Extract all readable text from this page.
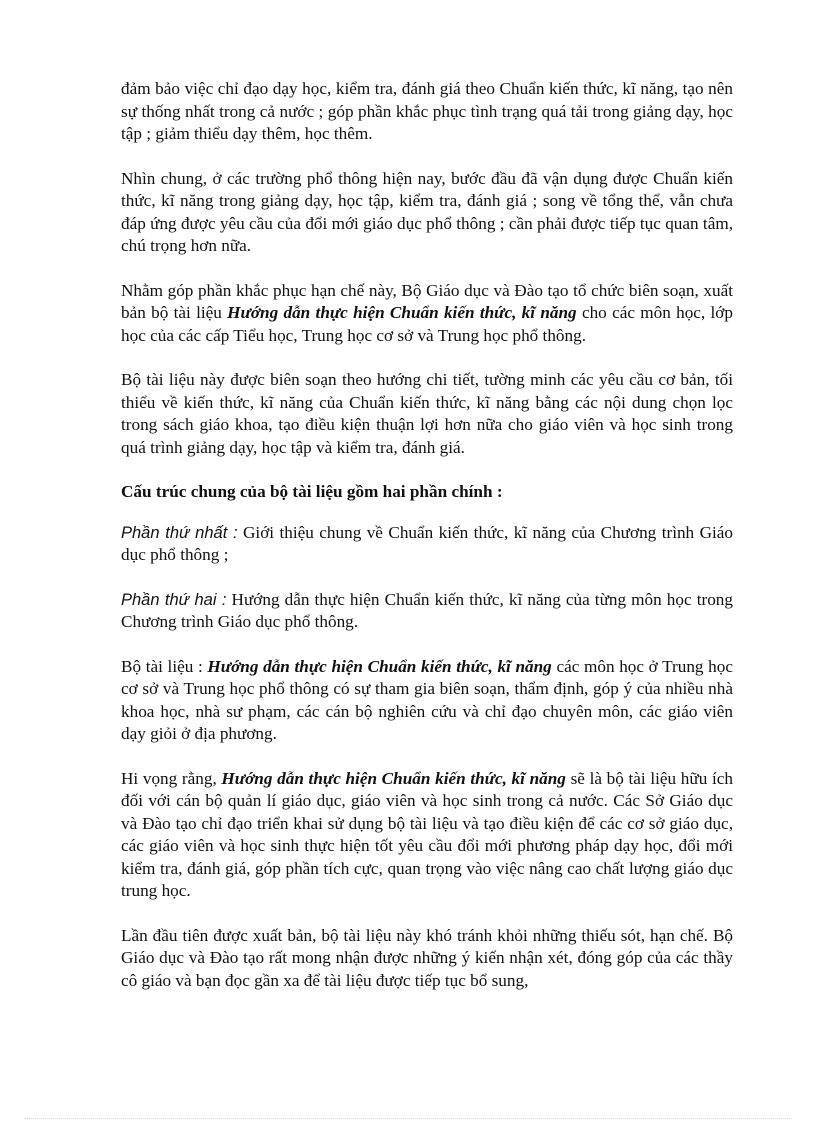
đảm bảo việc chỉ đạo dạy học, kiểm tra, đánh giá theo Chuẩn kiến thức, kĩ năng, tạo nên sự thống nhất trong cả nước ; góp phần khắc phục tình trạng quá tải trong giảng dạy, học tập ; giảm thiểu dạy thêm, học thêm.

Nhìn chung, ở các trường phổ thông hiện nay, bước đầu đã vận dụng được Chuẩn kiến thức, kĩ năng trong giảng dạy, học tập, kiểm tra, đánh giá ; song về tổng thể, vẫn chưa đáp ứng được yêu cầu của đổi mới giáo dục phổ thông ; cần phải được tiếp tục quan tâm, chú trọng hơn nữa.

Nhằm góp phần khắc phục hạn chế này, Bộ Giáo dục và Đào tạo tổ chức biên soạn, xuất bản bộ tài liệu Hướng dẫn thực hiện Chuẩn kiến thức, kĩ năng cho các môn học, lớp học của các cấp Tiểu học, Trung học cơ sở và Trung học phổ thông.

Bộ tài liệu này được biên soạn theo hướng chi tiết, tường minh các yêu cầu cơ bản, tối thiểu về kiến thức, kĩ năng của Chuẩn kiến thức, kĩ năng bằng các nội dung chọn lọc trong sách giáo khoa, tạo điều kiện thuận lợi hơn nữa cho giáo viên và học sinh trong quá trình giảng dạy, học tập và kiểm tra, đánh giá.

Cấu trúc chung của bộ tài liệu gồm hai phần chính :

Phần thứ nhất : Giới thiệu chung về Chuẩn kiến thức, kĩ năng của Chương trình Giáo dục phổ thông ;

Phần thứ hai : Hướng dẫn thực hiện Chuẩn kiến thức, kĩ năng của từng môn học trong Chương trình Giáo dục phổ thông.

Bộ tài liệu : Hướng dẫn thực hiện Chuẩn kiến thức, kĩ năng các môn học ở Trung học cơ sở và Trung học phổ thông có sự tham gia biên soạn, thẩm định, góp ý của nhiều nhà khoa học, nhà sư phạm, các cán bộ nghiên cứu và chỉ đạo chuyên môn, các giáo viên dạy giỏi ở địa phương.

Hi vọng rằng, Hướng dẫn thực hiện Chuẩn kiến thức, kĩ năng sẽ là bộ tài liệu hữu ích đối với cán bộ quản lí giáo dục, giáo viên và học sinh trong cả nước. Các Sở Giáo dục và Đào tạo chỉ đạo triển khai sử dụng bộ tài liệu và tạo điều kiện để các cơ sở giáo dục, các giáo viên và học sinh thực hiện tốt yêu cầu đổi mới phương pháp dạy học, đổi mới kiểm tra, đánh giá, góp phần tích cực, quan trọng vào việc nâng cao chất lượng giáo dục trung học.

Lần đầu tiên được xuất bản, bộ tài liệu này khó tránh khỏi những thiếu sót, hạn chế. Bộ Giáo dục và Đào tạo rất mong nhận được những ý kiến nhận xét, đóng góp của các thầy cô giáo và bạn đọc gần xa để tài liệu được tiếp tục bổ sung,
